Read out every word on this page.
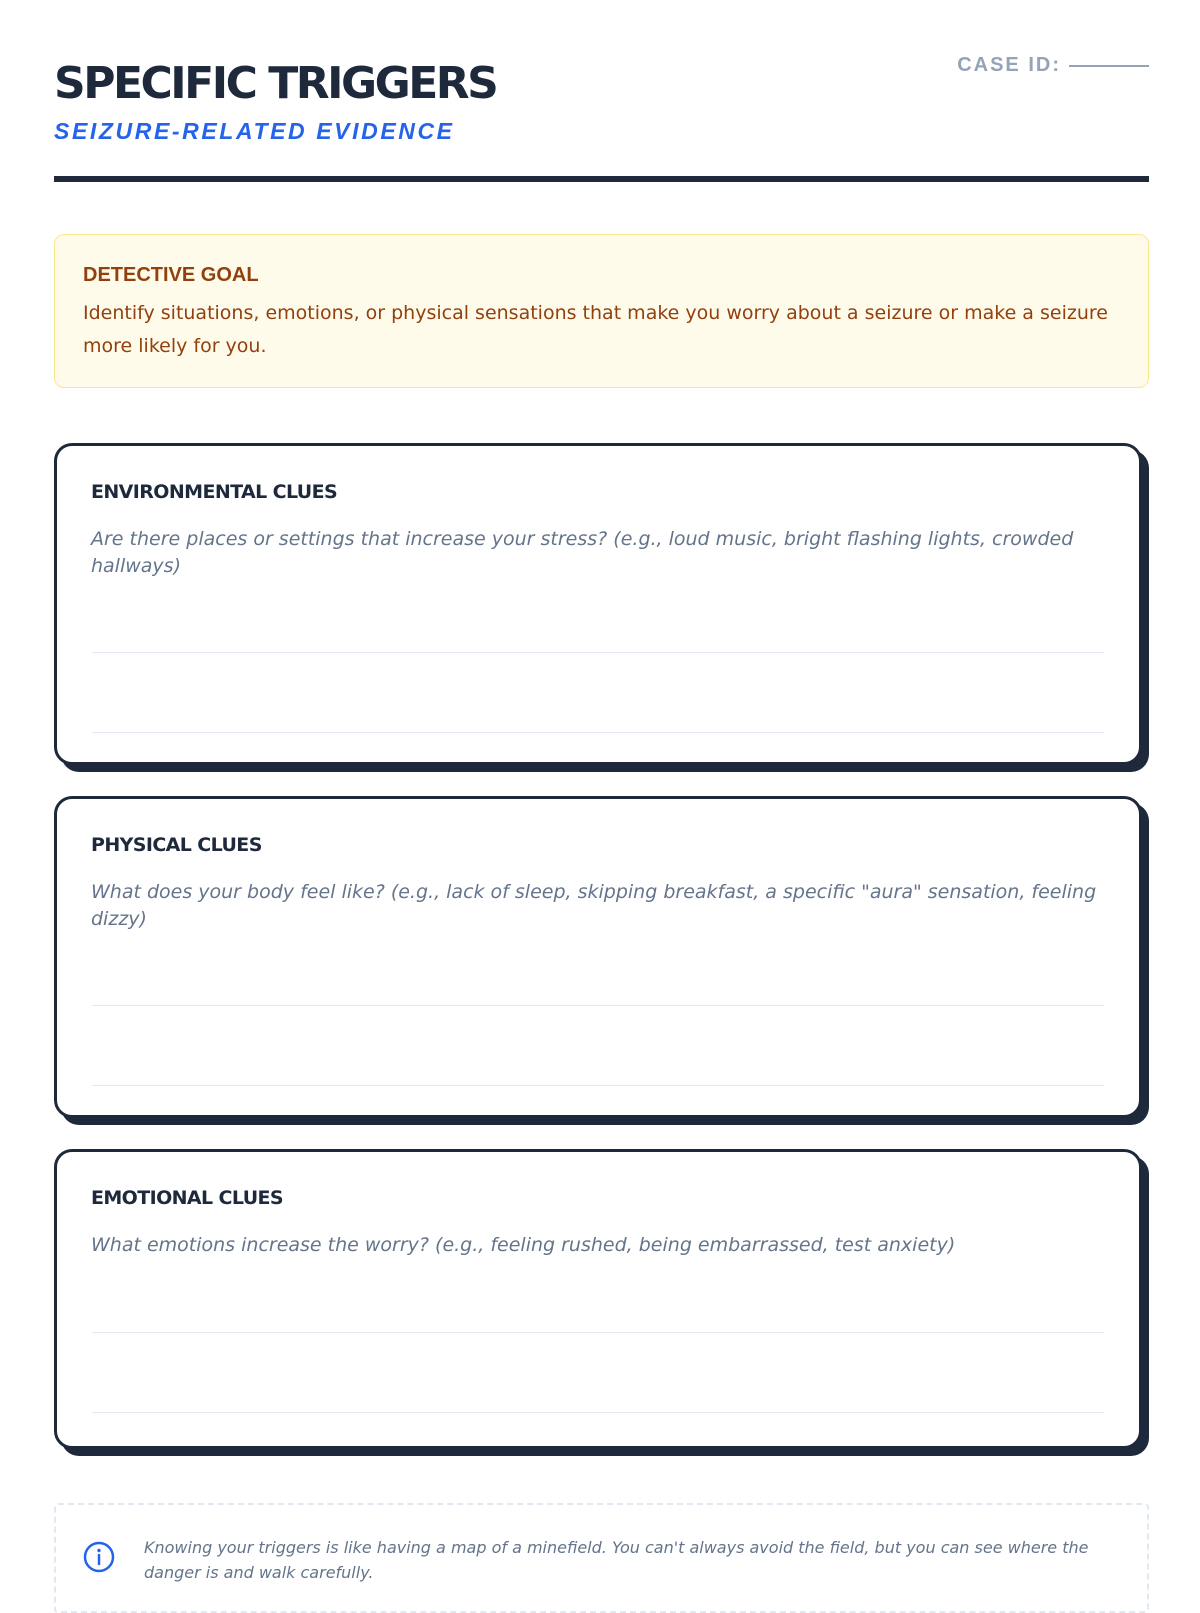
SPECIFIC TRIGGERS
SEIZURE-RELATED EVIDENCE
CASE ID:
DETECTIVE GOAL
Identify situations, emotions, or physical sensations that make you worry about a seizure or make a seizure more likely for you.
ENVIRONMENTAL CLUES
Are there places or settings that increase your stress? (e.g., loud music, bright flashing lights, crowded hallways)
PHYSICAL CLUES
What does your body feel like? (e.g., lack of sleep, skipping breakfast, a specific "aura" sensation, feeling dizzy)
EMOTIONAL CLUES
What emotions increase the worry? (e.g., feeling rushed, being embarrassed, test anxiety)
Knowing your triggers is like having a map of a minefield. You can't always avoid the field, but you can see where the danger is and walk carefully.
